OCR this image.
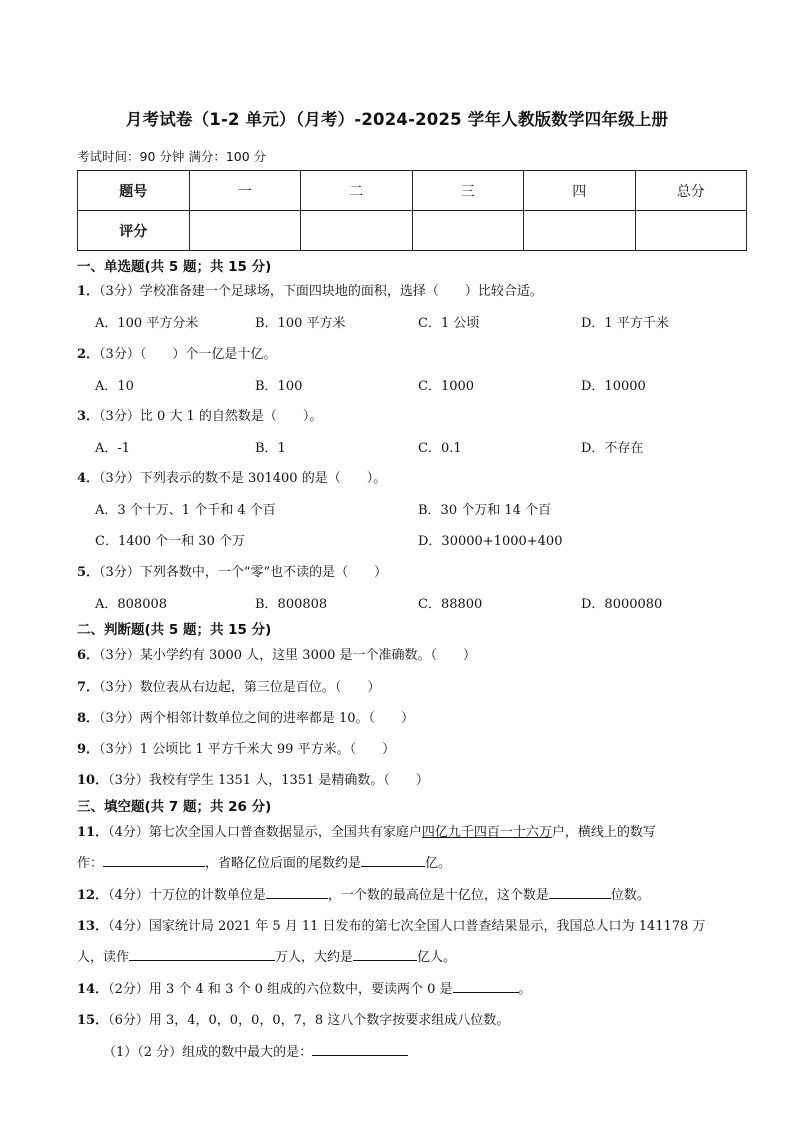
月考试卷（1-2 单元）（月考）-2024-2025 学年人教版数学四年级上册
考试时间：90 分钟 满分：100 分
题号	一	二	三	四	总分
评分					
一、单选题(共 5 题；共 15 分)
1．（3分）学校准备建一个足球场，下面四块地的面积，选择（　　）比较合适。
A．100 平方分米	B．100 平方米	C．1 公顷	D．1 平方千米
2．（3分）（　　）个一亿是十亿。
A．10	B．100	C．1000	D．10000
3．（3分）比 0 大 1 的自然数是（　　）。
A．-1	B．1	C．0.1	D．不存在
4．（3分）下列表示的数不是 301400 的是（　　）。
A．3 个十万、1 个千和 4 个百	B．30 个万和 14 个百
C．1400 个一和 30 个万	D．30000+1000+400
5．（3分）下列各数中，一个“零”也不读的是（　　）
A．808008	B．800808	C．88800	D．8000080
二、判断题(共 5 题；共 15 分)
6．（3分）某小学约有 3000 人，这里 3000 是一个准确数。（　　）
7．（3分）数位表从右边起，第三位是百位。（　　）
8．（3分）两个相邻计数单位之间的进率都是 10。（　　）
9．（3分）1 公顷比 1 平方千米大 99 平方米。（　　）
10．（3分）我校有学生 1351 人，1351 是精确数。（　　）
三、填空题(共 7 题；共 26 分)
11．（4分）第七次全国人口普查数据显示，全国共有家庭户四亿九千四百一十六万户，横线上的数写
作：	，省略亿位后面的尾数约是	亿。
12．（4分）十万位的计数单位是	，一个数的最高位是十亿位，这个数是	位数。
13．（4分）国家统计局 2021 年 5 月 11 日发布的第七次全国人口普查结果显示，我国总人口为 141178 万
人，读作	万人，大约是	亿人。
14．（2分）用 3 个 4 和 3 个 0 组成的六位数中，要读两个 0 是	。
15．（6分）用 3，4，0，0，0，0，7，8 这八个数字按要求组成八位数。
（1）（2 分）组成的数中最大的是：
